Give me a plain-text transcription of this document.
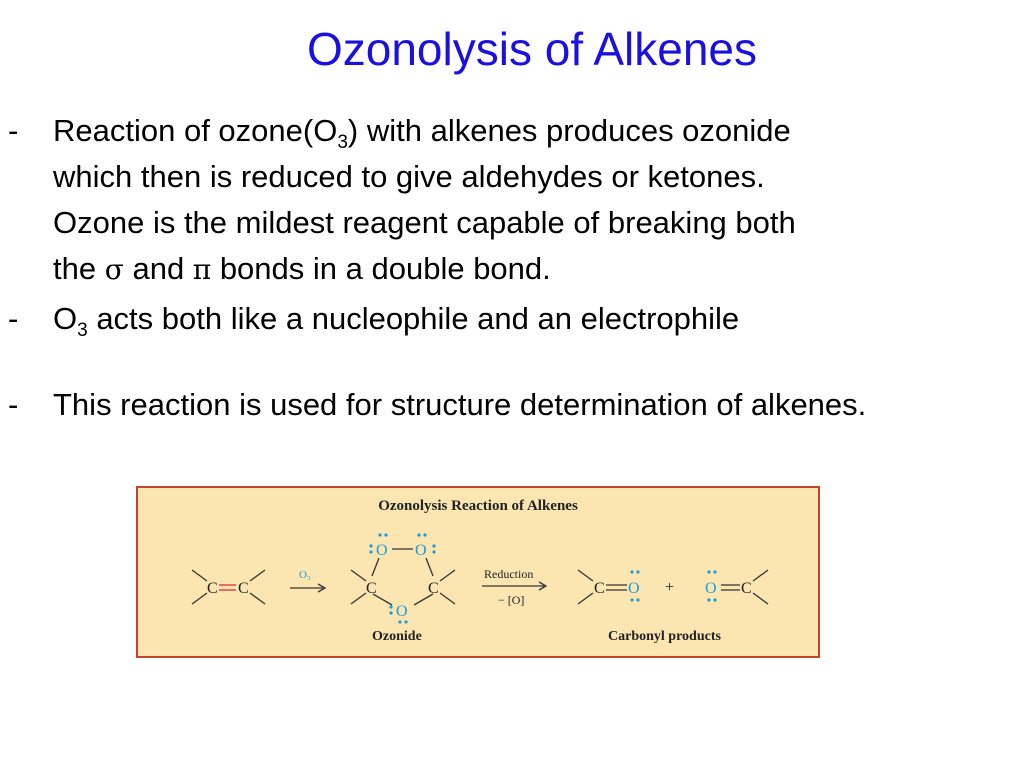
Ozonolysis of Alkenes
- Reaction of $ozone(O_3)$ with alkenes produces ozonide
which then is reduced to give aldehydes or ketones.
Ozone is the mildest reagent capable of breaking both
the σ and π bonds in a double bond.
- $O_3$ acts both like a nucleophile and an electrophile
- This reaction is used for structure determination of alkenes.
Ozonolysis Reaction of Alkenes
C C
O₃
O O
C	C
O
Reduction
− [O]
C O + O C
Ozonide	Carbonyl products
